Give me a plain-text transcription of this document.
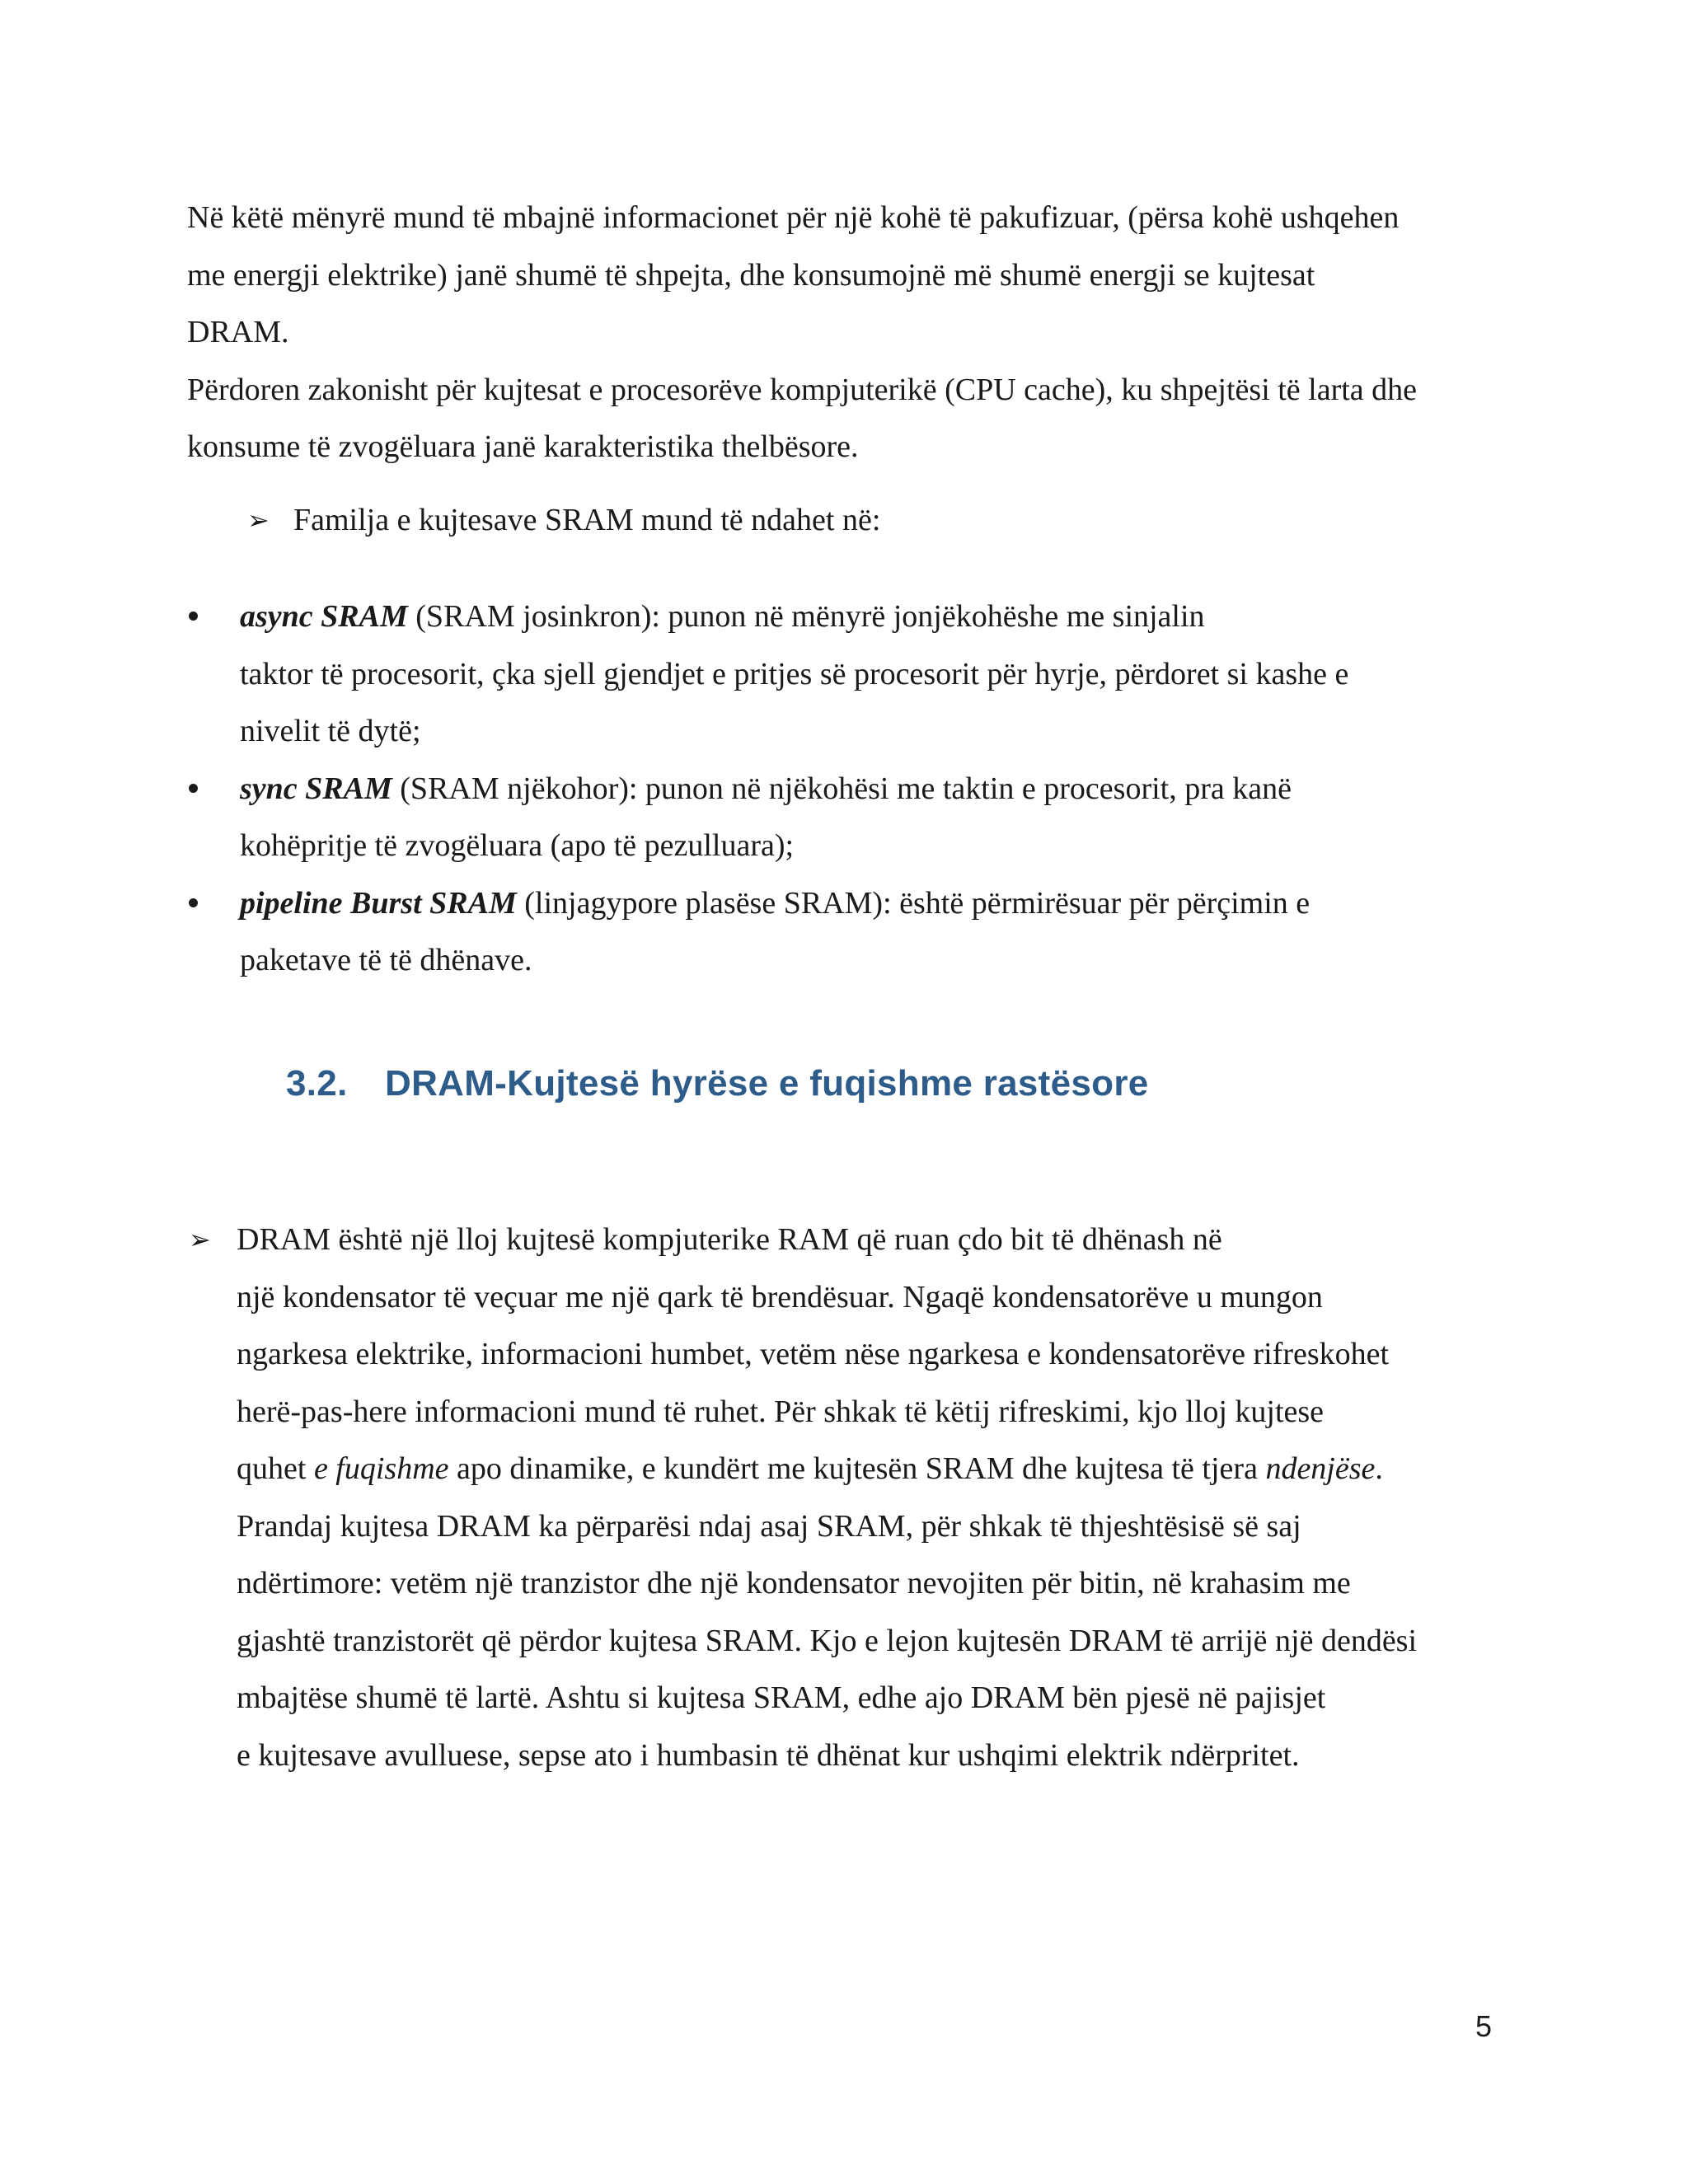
Në këtë mënyrë mund të mbajnë informacionet për një kohë të pakufizuar, (përsa kohë ushqehen
me energji elektrike) janë shumë të shpejta, dhe konsumojnë më shumë energji se kujtesat
DRAM.
Përdoren zakonisht për kujtesat e procesorëve kompjuterikë (CPU cache), ku shpejtësi të larta dhe
konsume të zvogëluara janë karakteristika thelbësore.
➢ Familja e kujtesave SRAM mund të ndahet në:
async SRAM (SRAM josinkron): punon në mënyrë jonjëkohëshe me sinjalin
taktor të procesorit, çka sjell gjendjet e pritjes së procesorit për hyrje, përdoret si kashe e
nivelit të dytë;
sync SRAM (SRAM njëkohor): punon në njëkohësi me taktin e procesorit, pra kanë
kohëpritje të zvogëluara (apo të pezulluara);
pipeline Burst SRAM (linjagypore plasëse SRAM): është përmirësuar për përçimin e
paketave të të dhënave.
3.2. DRAM-Kujtesë hyrëse e fuqishme rastësore
➢ DRAM është një lloj kujtesë kompjuterike RAM që ruan çdo bit të dhënash në
një kondensator të veçuar me një qark të brendësuar. Ngaqë kondensatorëve u mungon
ngarkesa elektrike, informacioni humbet, vetëm nëse ngarkesa e kondensatorëve rifreskohet
herë-pas-here informacioni mund të ruhet. Për shkak të këtij rifreskimi, kjo lloj kujtese
quhet e fuqishme apo dinamike, e kundërt me kujtesën SRAM dhe kujtesa të tjera ndenjëse.
Prandaj kujtesa DRAM ka përparësi ndaj asaj SRAM, për shkak të thjeshtësisë së saj
ndërtimore: vetëm një tranzistor dhe një kondensator nevojiten për bitin, në krahasim me
gjashtë tranzistorët që përdor kujtesa SRAM. Kjo e lejon kujtesën DRAM të arrijë një dendësi
mbajtëse shumë të lartë. Ashtu si kujtesa SRAM, edhe ajo DRAM bën pjesë në pajisjet
e kujtesave avulluese, sepse ato i humbasin të dhënat kur ushqimi elektrik ndërpritet.
5
